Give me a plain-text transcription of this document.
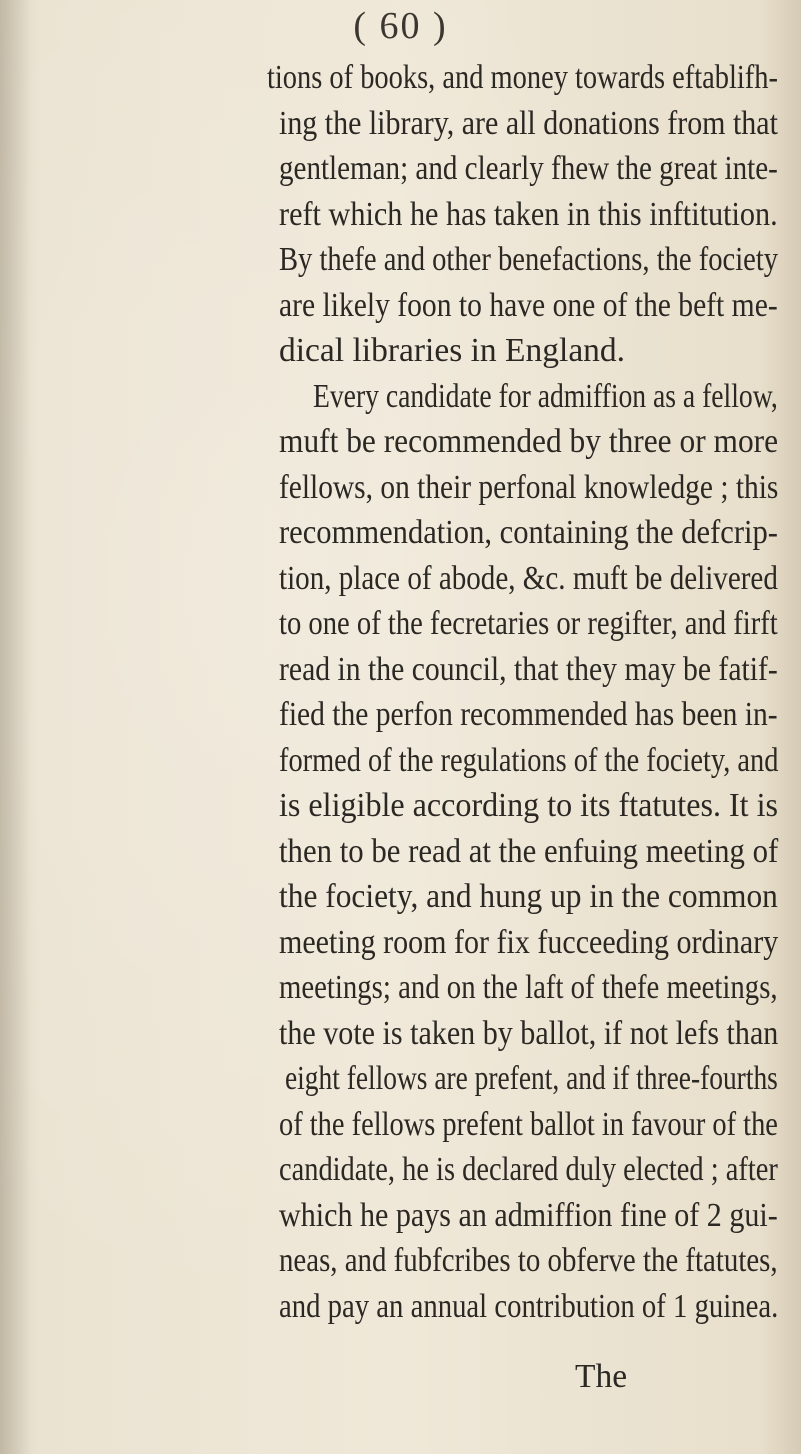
( 60 )
tions of books, and money towards eftablifh-
ing the library, are all donations from that
gentleman; and clearly fhew the great inte-
reft which he has taken in this inftitution.
By thefe and other benefactions, the fociety
are likely foon to have one of the beft me-
dical libraries in England.
Every candidate for admiffion as a fellow,
muft be recommended by three or more
fellows, on their perfonal knowledge ; this
recommendation, containing the defcrip-
tion, place of abode, &c. muft be delivered
to one of the fecretaries or regifter, and firft
read in the council, that they may be fatif-
fied the perfon recommended has been in-
formed of the regulations of the fociety, and
is eligible according to its ftatutes. It is
then to be read at the enfuing meeting of
the fociety, and hung up in the common
meeting room for fix fucceeding ordinary
meetings; and on the laft of thefe meetings,
the vote is taken by ballot, if not lefs than
eight fellows are prefent, and if three-fourths
of the fellows prefent ballot in favour of the
candidate, he is declared duly elected ; after
which he pays an admiffion fine of 2 gui-
neas, and fubfcribes to obferve the ftatutes,
and pay an annual contribution of 1 guinea.
The
